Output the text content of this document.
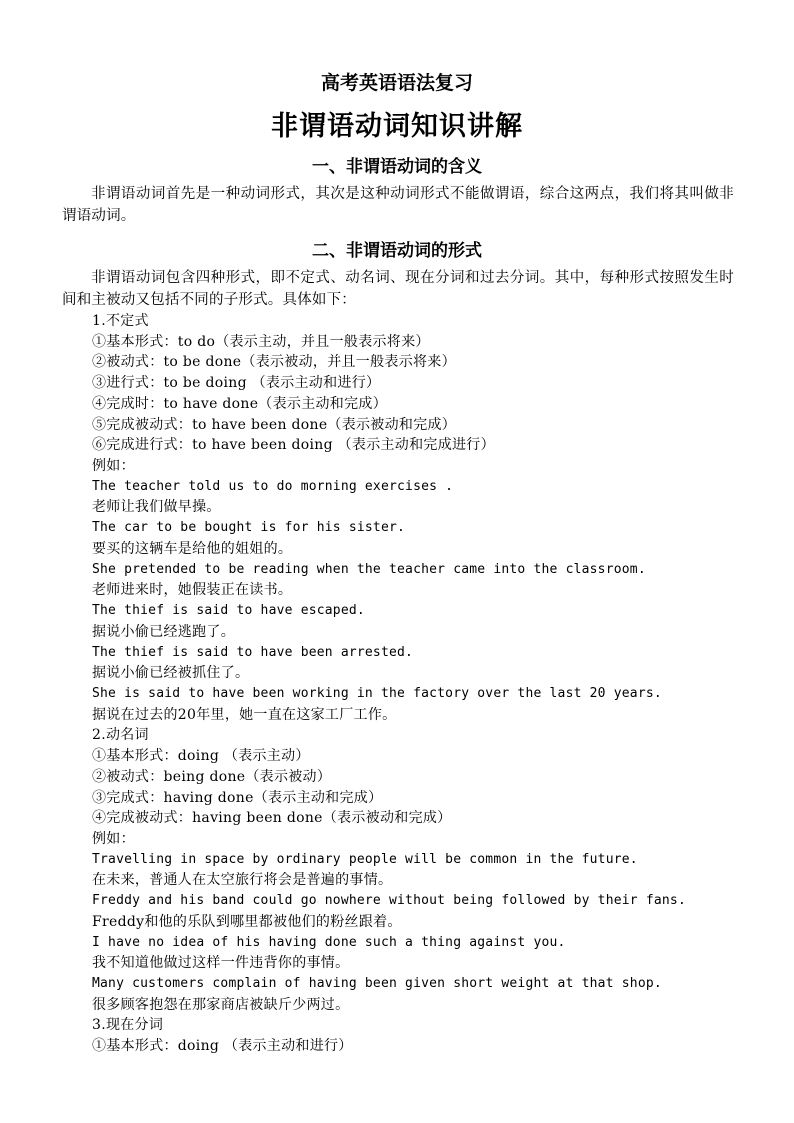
高考英语语法复习
非谓语动词知识讲解
一、非谓语动词的含义

非谓语动词首先是一种动词形式，其次是这种动词形式不能做谓语，综合这两点，我们将其叫做非谓语动词。

二、非谓语动词的形式

非谓语动词包含四种形式，即不定式、动名词、现在分词和过去分词。其中，每种形式按照发生时间和主被动又包括不同的子形式。具体如下：

1.不定式
①基本形式：to do（表示主动，并且一般表示将来）
②被动式：to be done（表示被动，并且一般表示将来）
③进行式：to be doing （表示主动和进行）
④完成时：to have done（表示主动和完成）
⑤完成被动式：to have been done（表示被动和完成）
⑥完成进行式：to have been doing （表示主动和完成进行）
例如：
The teacher told us to do morning exercises .
老师让我们做早操。
The car to be bought is for his sister.
要买的这辆车是给他的姐姐的。
She pretended to be reading when the teacher came into the classroom.
老师进来时，她假装正在读书。
The thief is said to have escaped.
据说小偷已经逃跑了。
The thief is said to have been arrested.
据说小偷已经被抓住了。
She is said to have been working in the factory over the last 20 years.
据说在过去的20年里，她一直在这家工厂工作。
2.动名词
①基本形式：doing （表示主动）
②被动式：being done（表示被动）
③完成式：having done（表示主动和完成）
④完成被动式：having been done（表示被动和完成）
例如：
Travelling in space by ordinary people will be common in the future.
在未来，普通人在太空旅行将会是普遍的事情。
Freddy and his band could go nowhere without being followed by their fans.
Freddy和他的乐队到哪里都被他们的粉丝跟着。
I have no idea of his having done such a thing against you.
我不知道他做过这样一件违背你的事情。
Many customers complain of having been given short weight at that shop.
很多顾客抱怨在那家商店被缺斤少两过。
3.现在分词
①基本形式：doing （表示主动和进行）
